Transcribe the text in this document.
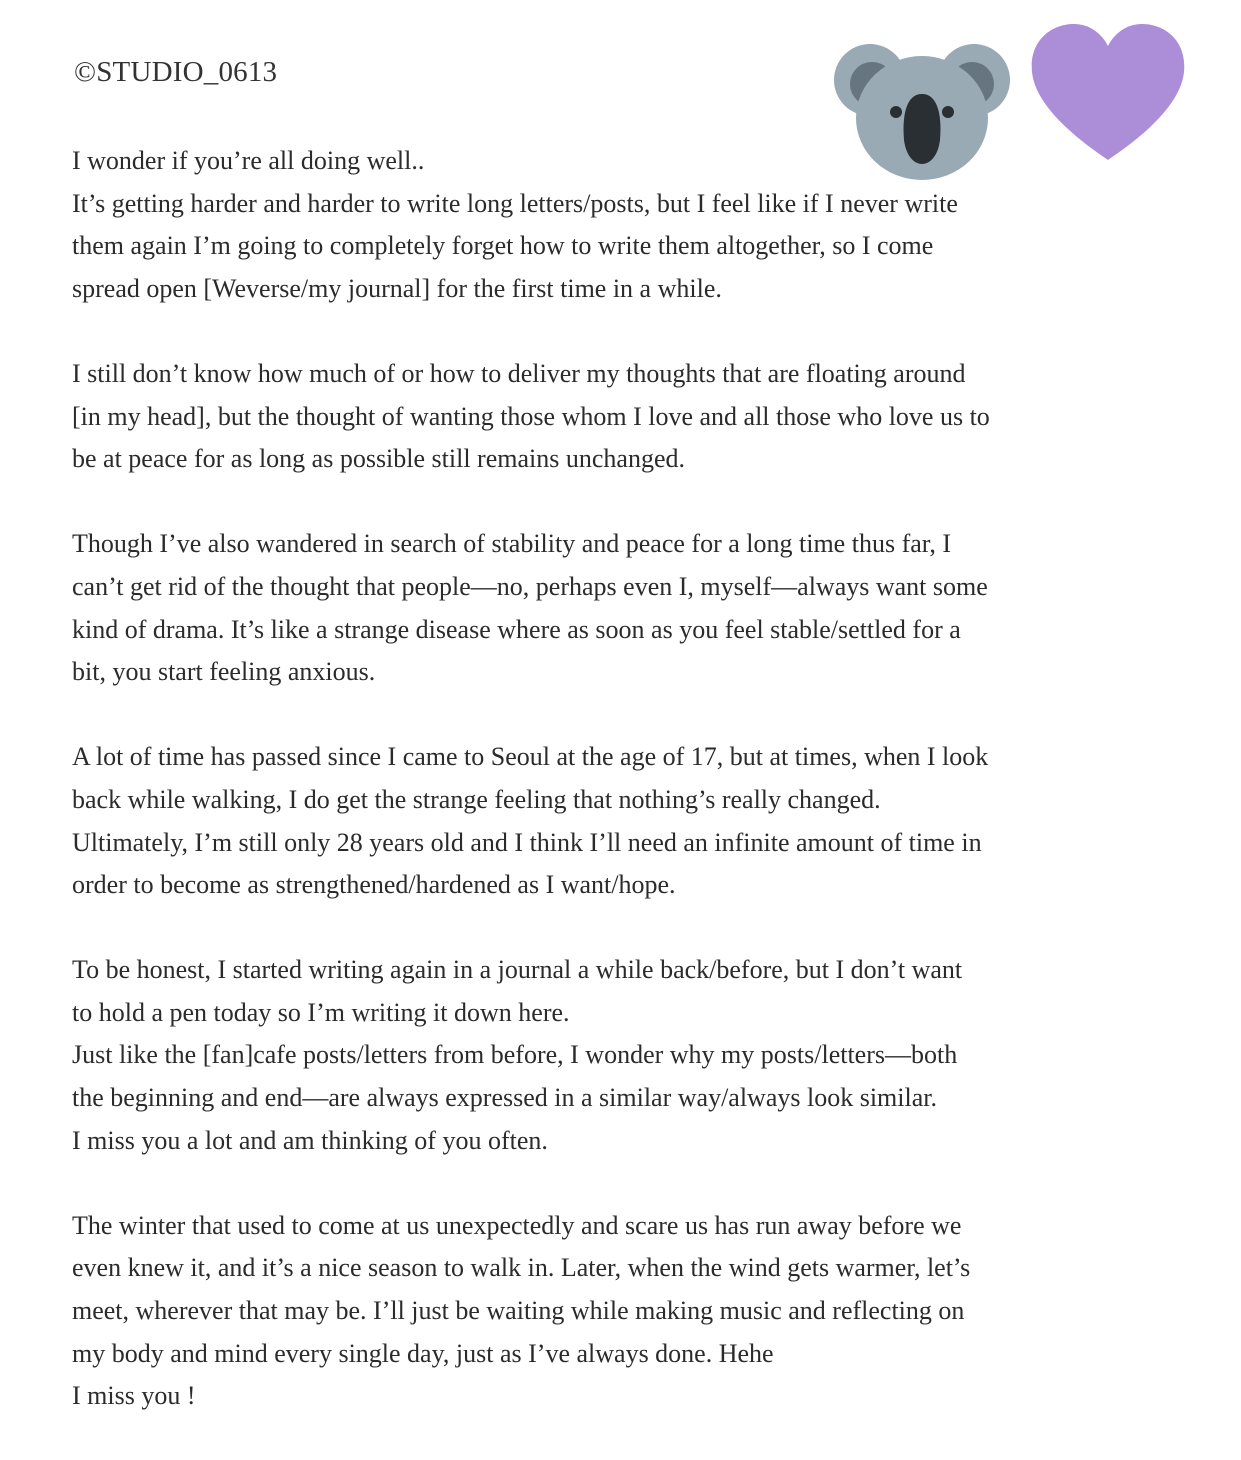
©STUDIO_0613
I wonder if you’re all doing well..
It’s getting harder and harder to write long letters/posts, but I feel like if I never write
them again I’m going to completely forget how to write them altogether, so I come
spread open [Weverse/my journal] for the first time in a while.
I still don’t know how much of or how to deliver my thoughts that are floating around
[in my head], but the thought of wanting those whom I love and all those who love us to
be at peace for as long as possible still remains unchanged.
Though I’ve also wandered in search of stability and peace for a long time thus far, I
can’t get rid of the thought that people—no, perhaps even I, myself—always want some
kind of drama. It’s like a strange disease where as soon as you feel stable/settled for a
bit, you start feeling anxious.
A lot of time has passed since I came to Seoul at the age of 17, but at times, when I look
back while walking, I do get the strange feeling that nothing’s really changed.
Ultimately, I’m still only 28 years old and I think I’ll need an infinite amount of time in
order to become as strengthened/hardened as I want/hope.
To be honest, I started writing again in a journal a while back/before, but I don’t want
to hold a pen today so I’m writing it down here.
Just like the [fan]cafe posts/letters from before, I wonder why my posts/letters—both
the beginning and end—are always expressed in a similar way/always look similar.
I miss you a lot and am thinking of you often.
The winter that used to come at us unexpectedly and scare us has run away before we
even knew it, and it’s a nice season to walk in. Later, when the wind gets warmer, let’s
meet, wherever that may be. I’ll just be waiting while making music and reflecting on
my body and mind every single day, just as I’ve always done. Hehe
I miss you !
